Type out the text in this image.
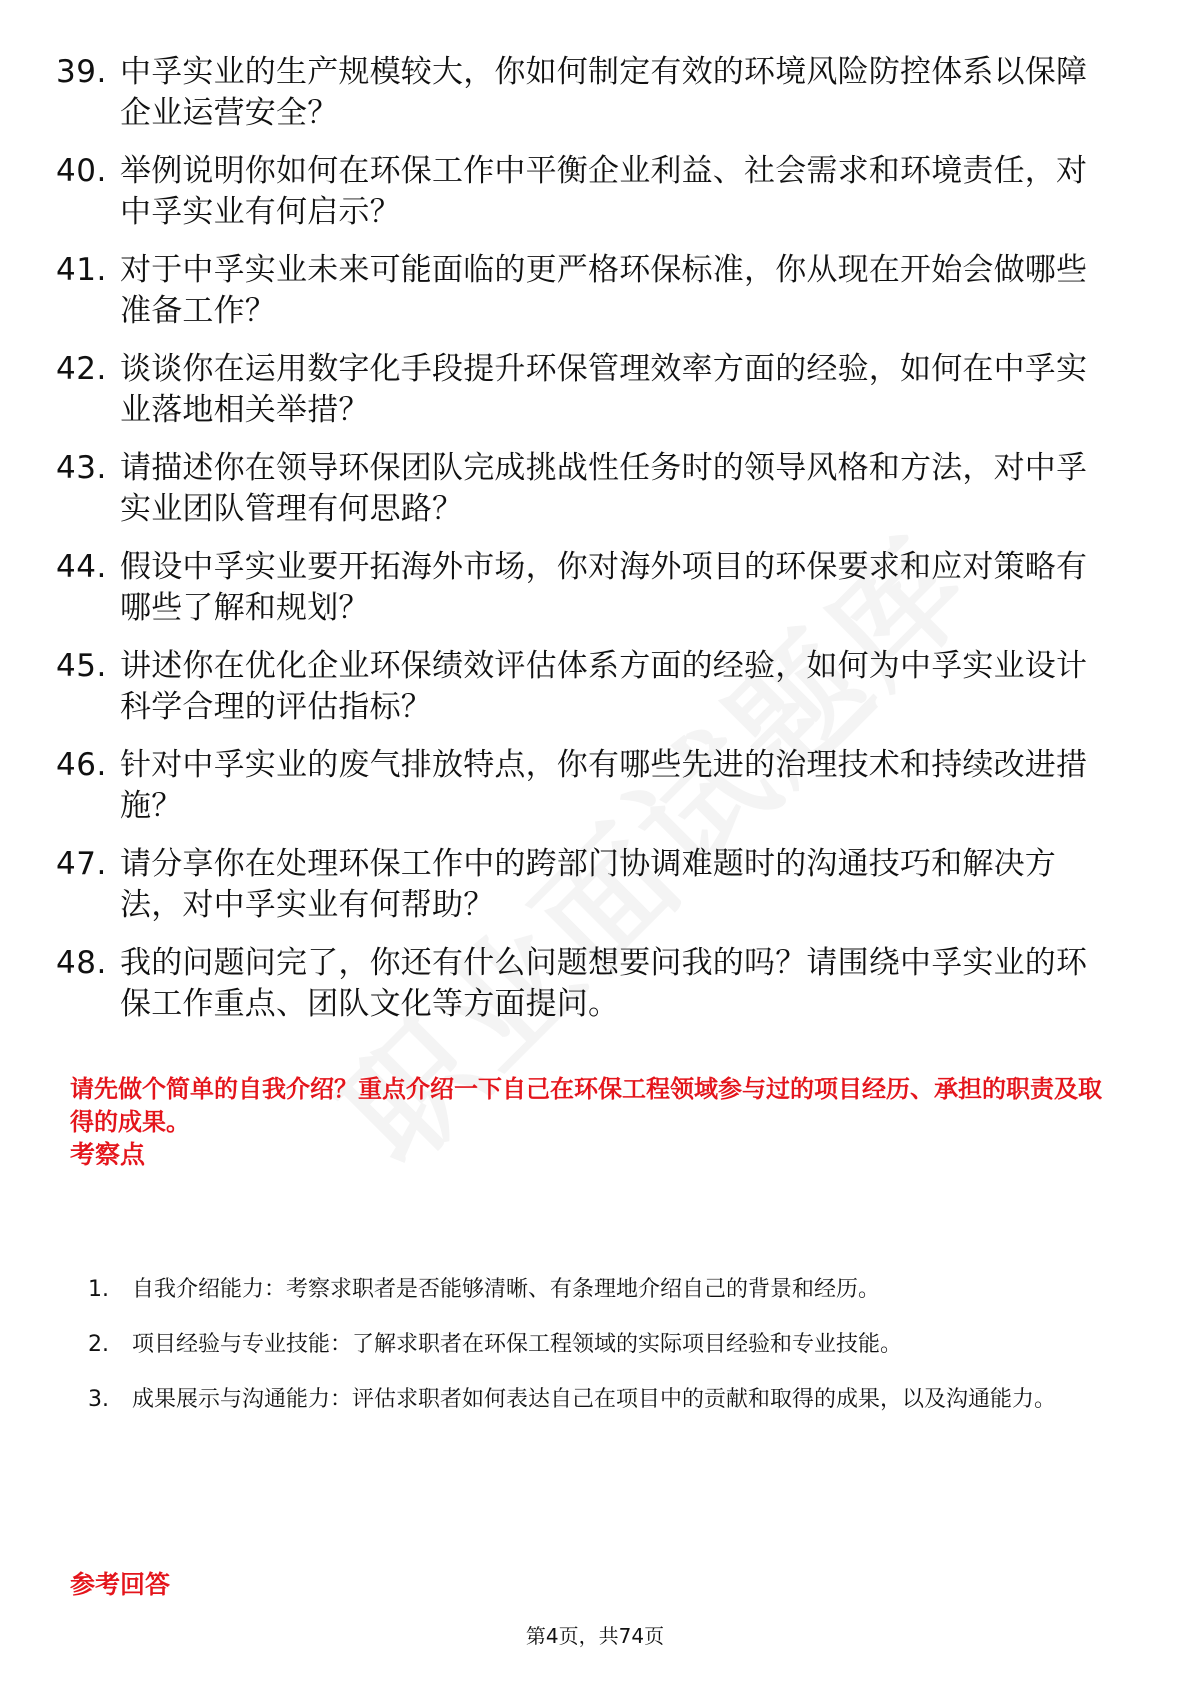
39. 中孚实业的生产规模较大，你如何制定有效的环境风险防控体系以保障企业运营安全？
40. 举例说明你如何在环保工作中平衡企业利益、社会需求和环境责任，对中孚实业有何启示？
41. 对于中孚实业未来可能面临的更严格环保标准，你从现在开始会做哪些准备工作？
42. 谈谈你在运用数字化手段提升环保管理效率方面的经验，如何在中孚实业落地相关举措？
43. 请描述你在领导环保团队完成挑战性任务时的领导风格和方法，对中孚实业团队管理有何思路？
44. 假设中孚实业要开拓海外市场，你对海外项目的环保要求和应对策略有哪些了解和规划？
45. 讲述你在优化企业环保绩效评估体系方面的经验，如何为中孚实业设计科学合理的评估指标？
46. 针对中孚实业的废气排放特点，你有哪些先进的治理技术和持续改进措施？
47. 请分享你在处理环保工作中的跨部门协调难题时的沟通技巧和解决方法，对中孚实业有何帮助？
48. 我的问题问完了，你还有什么问题想要问我的吗？请围绕中孚实业的环保工作重点、团队文化等方面提问。
请先做个简单的自我介绍？重点介绍一下自己在环保工程领域参与过的项目经历、承担的职责及取得的成果。
考察点
1.	自我介绍能力：考察求职者是否能够清晰、有条理地介绍自己的背景和经历。
2.	项目经验与专业技能：了解求职者在环保工程领域的实际项目经验和专业技能。
3.	成果展示与沟通能力：评估求职者如何表达自己在项目中的贡献和取得的成果，以及沟通能力。
参考回答
第4页，共74页
